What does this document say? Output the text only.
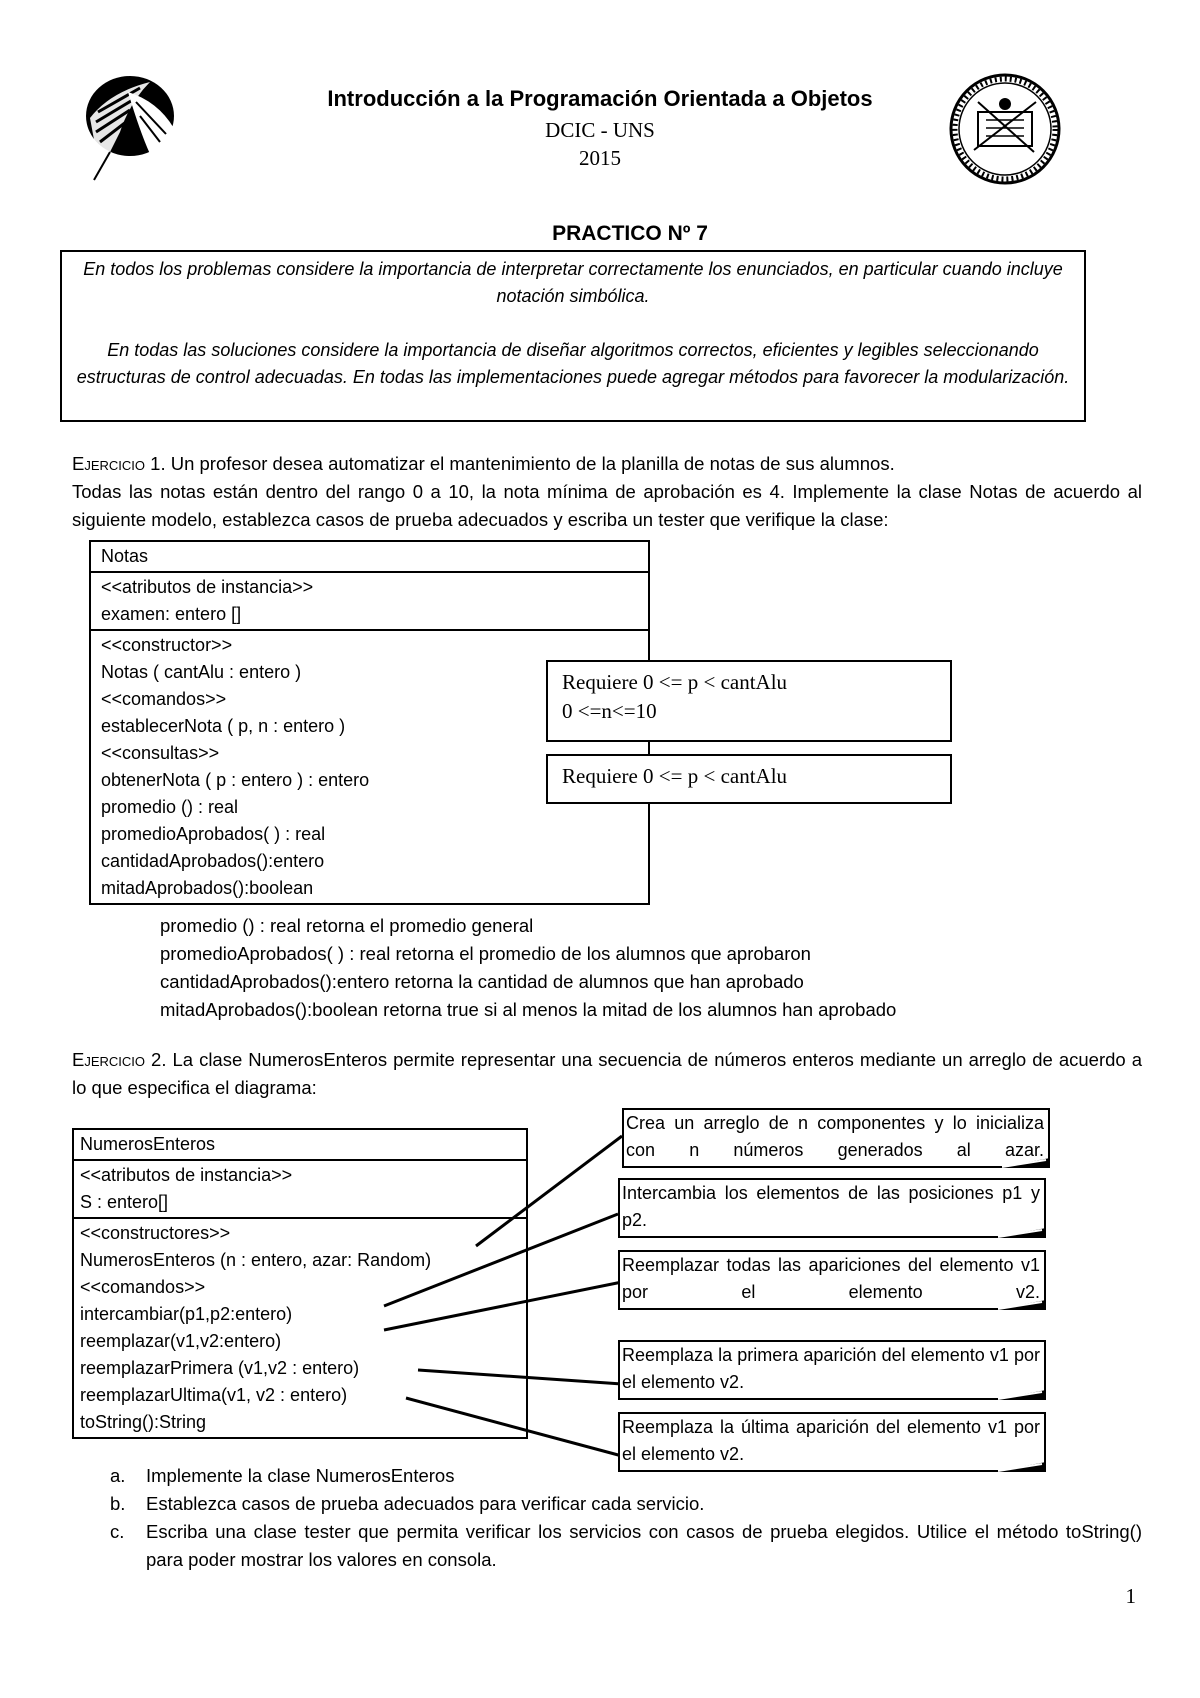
Introducción a la Programación Orientada a Objetos
DCIC - UNS
2015
PRACTICO Nº 7

En todos los problemas considere la importancia de interpretar correctamente los enunciados, en particular cuando incluye notación simbólica.

En todas las soluciones considere la importancia de diseñar algoritmos correctos, eficientes y legibles seleccionando estructuras de control adecuadas. En todas las implementaciones puede agregar métodos para favorecer la modularización.

Ejercicio 1. Un profesor desea automatizar el mantenimiento de la planilla de notas de sus alumnos.

Todas las notas están dentro del rango 0 a 10, la nota mínima de aprobación es 4. Implemente la clase Notas de acuerdo al siguiente modelo, establezca casos de prueba adecuados y escriba un tester que verifique la clase:
Notas
<<atributos de instancia>>
examen: entero []
<<constructor>>
Notas ( cantAlu : entero )
<<comandos>>
establecerNota ( p, n : entero )
<<consultas>>
obtenerNota ( p : entero ) : entero
promedio () : real
promedioAprobados( ) : real
cantidadAprobados():entero
mitadAprobados():boolean
Requiere 0 <= p < cantAlu
0 <=n<=10
Requiere 0 <= p < cantAlu
promedio () : real retorna el promedio general
promedioAprobados( ) : real retorna el promedio de los alumnos que aprobaron
cantidadAprobados():entero retorna la cantidad de alumnos que han aprobado
mitadAprobados():boolean retorna true si al menos la mitad de los alumnos han aprobado
Ejercicio 2. La clase NumerosEnteros permite representar una secuencia de números enteros mediante un arreglo de acuerdo a lo que especifica el diagrama:
NumerosEnteros
<<atributos de instancia>>
S : entero[]
<<constructores>>
NumerosEnteros (n : entero, azar: Random)
<<comandos>>
intercambiar(p1,p2:entero)
reemplazar(v1,v2:entero)
reemplazarPrimera (v1,v2 : entero)
reemplazarUltima(v1, v2 : entero)
toString():String
Crea un arreglo de n componentes y lo inicializa con n números generados al azar.
Intercambia los elementos de las posiciones p1 y p2.
Reemplazar todas las apariciones del elemento v1 por el elemento v2.
Reemplaza la primera aparición del elemento v1 por el elemento v2.
Reemplaza la última aparición del elemento v1 por el elemento v2.
a.	Implemente la clase NumerosEnteros
b.	Establezca casos de prueba adecuados para verificar cada servicio.
c.	Escriba una clase tester que permita verificar los servicios con casos de prueba elegidos. Utilice el método toString() para poder mostrar los valores en consola.
1
